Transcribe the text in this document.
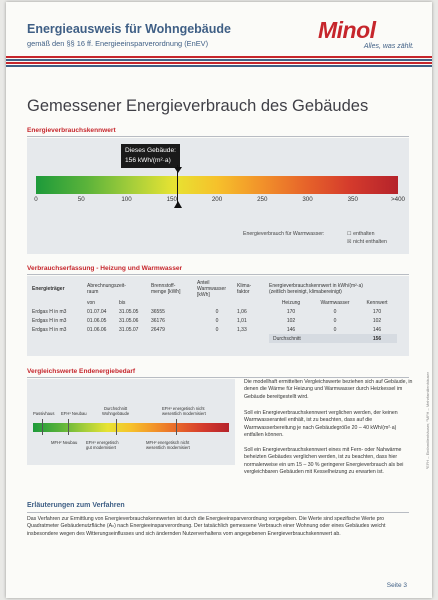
Energieausweis für Wohngebäude
gemäß den §§ 16 ff. Energieeinsparverordnung (EnEV)
Minol
Alles, was zählt.
Gemessener Energieverbrauch des Gebäudes
Energieverbrauchskennwert
Dieses Gebäude:
156 kWh/(m²·a)
0	50	100	150	200	250	300	350	>400
Energieverbrauch für Warmwasser:	☐ enthalten
☒ nicht enthalten
Verbrauchserfassung - Heizung und Warmwasser
Energieträger	Abrechnungszeit-
raum		Brennstoff-
menge [kWh]	Anteil
Warmwasser
[kWh]	Klima-
faktor	Energieverbrauchskennwert in kWh/(m²·a)
(zeitlich bereinigt, klimabereinigt)		
	von	bis				Heizung	Warmwasser	Kennwert
Erdgas H in m3	01.07.04	31.05.05	36555	0	1,06	170	0	170
Erdgas H in m3	01.06.05	31.05.06	36176	0	1,01	102	0	102
Erdgas H in m3	01.06.06	31.05.07	26479	0	1,33	146	0	146
						Durchschnitt		156
Vergleichswerte Endenergiebedarf
Passivhaus EFH¹ Neubau
Durchschnitt
Wohngebäude
EFH¹ energetisch nicht
wesentlich modernisiert
MFH² Neubau EFH¹ energetisch
gut modernisiert
MFH² energetisch nicht
wesentlich modernisiert
Die modellhaft ermittelten Vergleichswerte beziehen sich auf Gebäude, in denen die Wärme für Heizung und Warmwasser durch Heizkessel im Gebäude bereitgestellt wird.
Soll ein Energieverbrauchskennwert verglichen werden, der keinen Warmwasseranteil enthält, ist zu beachten, dass auf die Warmwasserbereitung je nach Gebäudegröße 20 – 40 kWh/(m²·a) entfallen können.
Soll ein Energieverbrauchskennwert eines mit Fern- oder Nahwärme beheizten Gebäudes verglichen werden, ist zu beachten, dass hier normalerweise ein um 15 – 30 % geringerer Energieverbrauch als bei vergleichbaren Gebäuden mit Kesselheizung zu erwarten ist.
Erläuterungen zum Verfahren
Das Verfahren zur Ermittlung von Energieverbrauchskennwerten ist durch die Energieeinsparverordnung vorgegeben. Die Werte sind spezifische Werte pro Quadratmeter Gebäudenutzfläche (Aₙ) nach Energieeinsparverordnung. Der tatsächlich gemessene Verbrauch einer Wohnung oder eines Gebäudes weicht insbesondere wegen des Witterungseinflusses und sich ändernden Nutzerverhaltens vom angegebenen Energieverbrauchskennwert ab.
¹EFH – Einfamilienhäuser, ²MFH – Mehrfamilienhäuser
Seite 3
